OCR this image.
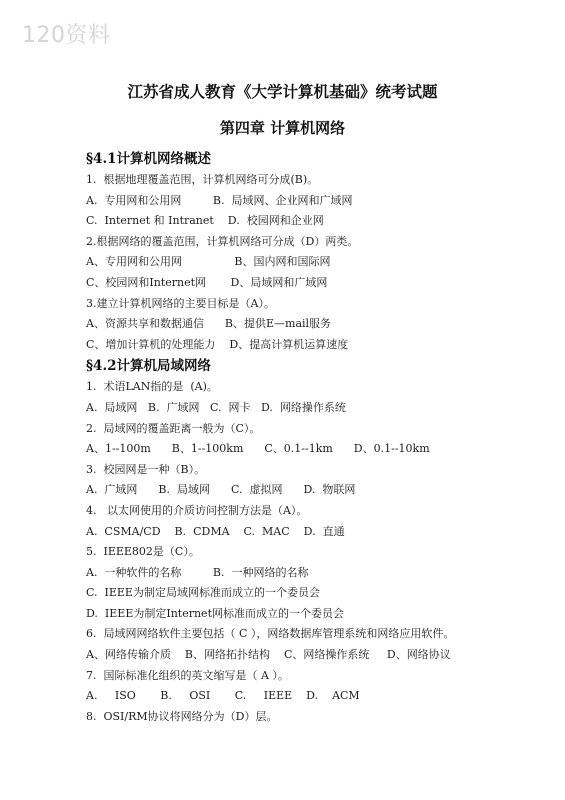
120资料
江苏省成人教育《大学计算机基础》统考试题
第四章 计算机网络
§4.1计算机网络概述
1.  根据地理覆盖范围，计算机网络可分成(B)。
A.  专用网和公用网         B.  局域网、企业网和广域网
C.  Internet 和 Intranet    D.  校园网和企业网
2.根据网络的覆盖范围，计算机网络可分成（D）两类。
A、专用网和公用网               B、国内网和国际网
C、校园网和Internet网       D、局域网和广域网
3.建立计算机网络的主要目标是（A）。
A、资源共享和数据通信      B、提供E—mail服务
C、增加计算机的处理能力    D、提高计算机运算速度
§4.2计算机局域网络
1.  术语LAN指的是  (A)。
A.  局域网   B.  广域网   C.  网卡   D.  网络操作系统
2.  局域网的覆盖距离一般为（C）。
A、1--100m      B、1--100km      C、0.1--1km      D、0.1--10km
3.  校园网是一种（B）。
A.  广域网      B.  局域网      C.  虚拟网      D.  物联网
4.   以太网使用的介质访问控制方法是（A）。
A.  CSMA/CD    B.  CDMA    C.  MAC    D.  直通
5.  IEEE802是（C）。
A.  一种软件的名称         B.  一种网络的名称
C.  IEEE为制定局域网标准而成立的一个委员会
D.  IEEE为制定Internet网标准而成立的一个委员会
6.  局域网网络软件主要包括（ C ），网络数据库管理系统和网络应用软件。
A、网络传输介质    B、网络拓扑结构    C、网络操作系统     D、网络协议
7.  国际标准化组织的英文缩写是（ A ）。
A.     ISO       B.     OSI       C.     IEEE    D.    ACM
8.  OSI/RM协议将网络分为（D）层。
